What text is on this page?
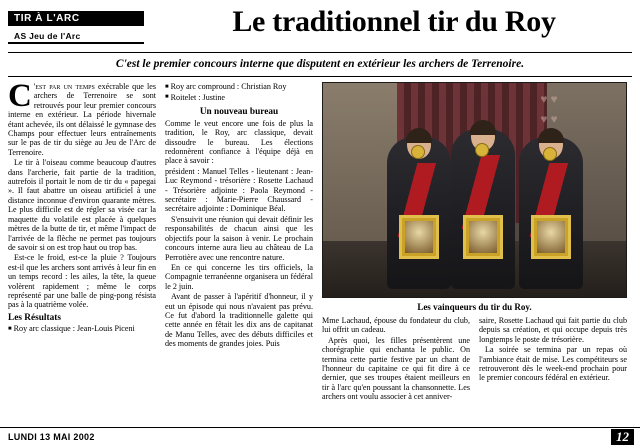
TIR À L'ARC AS Jeu de l'Arc	Le traditionnel tir du Roy
C'est le premier concours interne que disputent en extérieur les archers de Terrenoire.

C 'est par un temps exécrable que les archers de Terrenoire se sont retrouvés pour leur premier concours interne en extérieur. La période hivernale étant achevée, ils ont délaissé le gymnase des Champs pour effectuer leurs entraînements sur le pas de tir du siège au Jeu de l'Arc de Terrenoire.

Le tir à l'oiseau comme beaucoup d'autres dans l'archerie, fait partie de la tradition, autrefois il portait le nom de tir du « papegai ». Il faut abattre un oiseau artificiel à une distance inconnue d'environ quarante mètres. Le plus difficile est de régler sa visée car la maquette du volatile est placée à quelques mètres de la butte de tir, et même l'impact de l'arrivée de la flèche ne permet pas toujours de savoir si on est trop haut ou trop bas.

Est-ce le froid, est-ce la pluie ? Toujours est-il que les archers sont arrivés à leur fin en un temps record : les ailes, la tête, la queue volèrent rapidement ; même le corps représenté par une balle de ping-pong résista pas à la quatrième volée.

Les Résultats

■ Roy arc classique : Jean-Louis Piceni

■ Roy arc compround : Christian Roy

■ Roitelet : Justine

Un nouveau bureau

Comme le veut encore une fois de plus la tradition, le Roy, arc classique, devait dissoudre le bureau. Les élections redonnèrent confiance à l'équipe déjà en place à savoir :

président : Manuel Telles - lieutenant : Jean-Luc Reymond - trésorière : Rosette Lachaud - Trésorière adjointe : Paola Reymond - secrétaire : Marie-Pierre Chaussard - secrétaire adjointe : Dominique Béal.

S'ensuivit une réunion qui devait définir les responsabilités de chacun ainsi que les objectifs pour la saison à venir. Le prochain concours interne aura lieu au château de La Perrotière avec une rencontre nature.

En ce qui concerne les tirs officiels, la Compagnie terranéenne organisera un fédéral le 2 juin.

Avant de passer à l'apéritif d'honneur, il y eut un épisode qui nous n'avaient pas prévu. Ce fut d'abord la traditionnelle galette qui cette année en fêtait les dix ans de capitanat de Manu Telles, avec des débuts difficiles et des moments de grandes joies. Puis

♥ ♥
♥ ♥

Les vainqueurs du tir du Roy.

Mme Lachaud, épouse du fondateur du club, lui offrit un cadeau.

Après quoi, les filles présentèrent une chorégraphie qui enchanta le public. On termina cette partie festive par un chant de l'honneur du capitaine ce qui fit dire à ce dernier, que ses troupes étaient meilleurs en tir à l'arc qu'en poussant la chansonnette. Les archers ont voulu associer à cet anniver-

saire, Rosette Lachaud qui fait partie du club depuis sa création, et qui occupe depuis très longtemps le poste de trésorière.

La soirée se termina par un repas où l'ambiance était de mise. Les compétiteurs se retrouveront dès le week-end prochain pour le premier concours fédéral en extérieur.

LUNDI 13 MAI 2002	12
